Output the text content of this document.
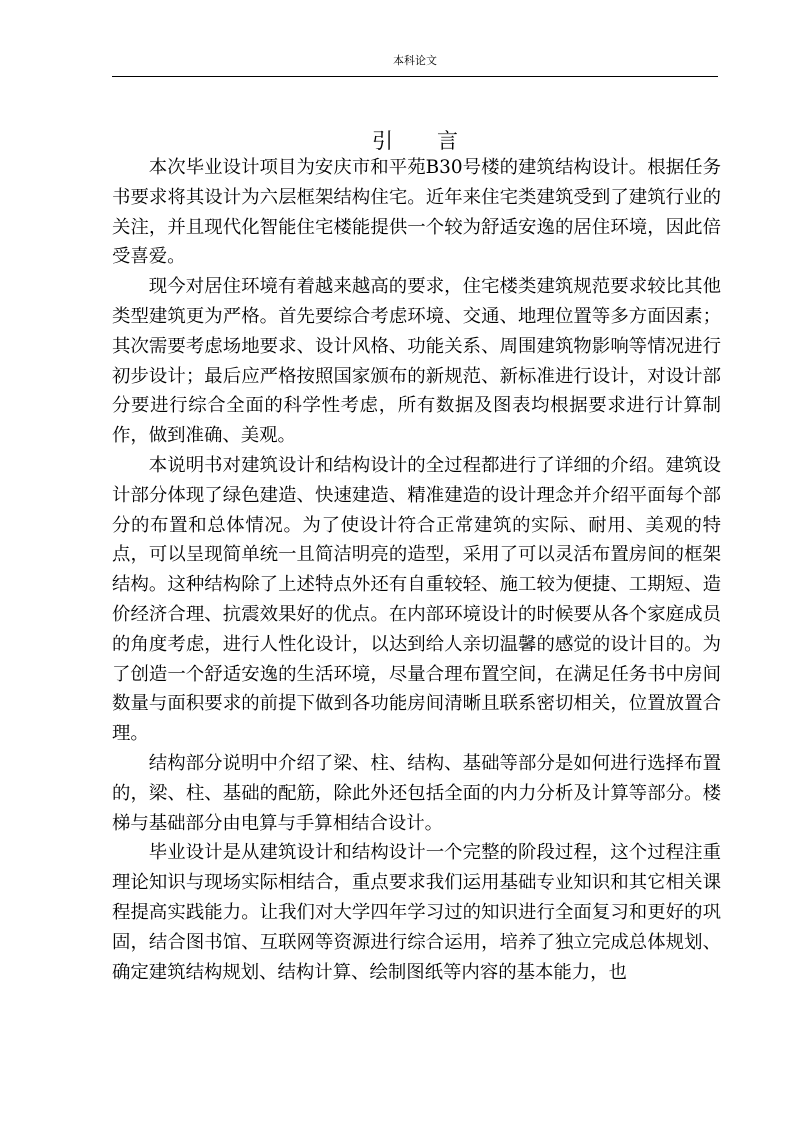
本科论文
引言

本次毕业设计项目为安庆市和平苑B30号楼的建筑结构设计。根据任务书要求将其设计为六层框架结构住宅。近年来住宅类建筑受到了建筑行业的关注，并且现代化智能住宅楼能提供一个较为舒适安逸的居住环境，因此倍受喜爱。

现今对居住环境有着越来越高的要求，住宅楼类建筑规范要求较比其他类型建筑更为严格。首先要综合考虑环境、交通、地理位置等多方面因素；其次需要考虑场地要求、设计风格、功能关系、周围建筑物影响等情况进行初步设计；最后应严格按照国家颁布的新规范、新标准进行设计，对设计部分要进行综合全面的科学性考虑，所有数据及图表均根据要求进行计算制作，做到准确、美观。

本说明书对建筑设计和结构设计的全过程都进行了详细的介绍。建筑设计部分体现了绿色建造、快速建造、精准建造的设计理念并介绍平面每个部分的布置和总体情况。为了使设计符合正常建筑的实际、耐用、美观的特点，可以呈现简单统一且简洁明亮的造型，采用了可以灵活布置房间的框架结构。这种结构除了上述特点外还有自重较轻、施工较为便捷、工期短、造价经济合理、抗震效果好的优点。在内部环境设计的时候要从各个家庭成员的角度考虑，进行人性化设计，以达到给人亲切温馨的感觉的设计目的。为了创造一个舒适安逸的生活环境，尽量合理布置空间，在满足任务书中房间数量与面积要求的前提下做到各功能房间清晰且联系密切相关，位置放置合理。

结构部分说明中介绍了梁、柱、结构、基础等部分是如何进行选择布置的，梁、柱、基础的配筋，除此外还包括全面的内力分析及计算等部分。楼梯与基础部分由电算与手算相结合设计。

毕业设计是从建筑设计和结构设计一个完整的阶段过程，这个过程注重理论知识与现场实际相结合，重点要求我们运用基础专业知识和其它相关课程提高实践能力。让我们对大学四年学习过的知识进行全面复习和更好的巩固，结合图书馆、互联网等资源进行综合运用，培养了独立完成总体规划、确定建筑结构规划、结构计算、绘制图纸等内容的基本能力，也
